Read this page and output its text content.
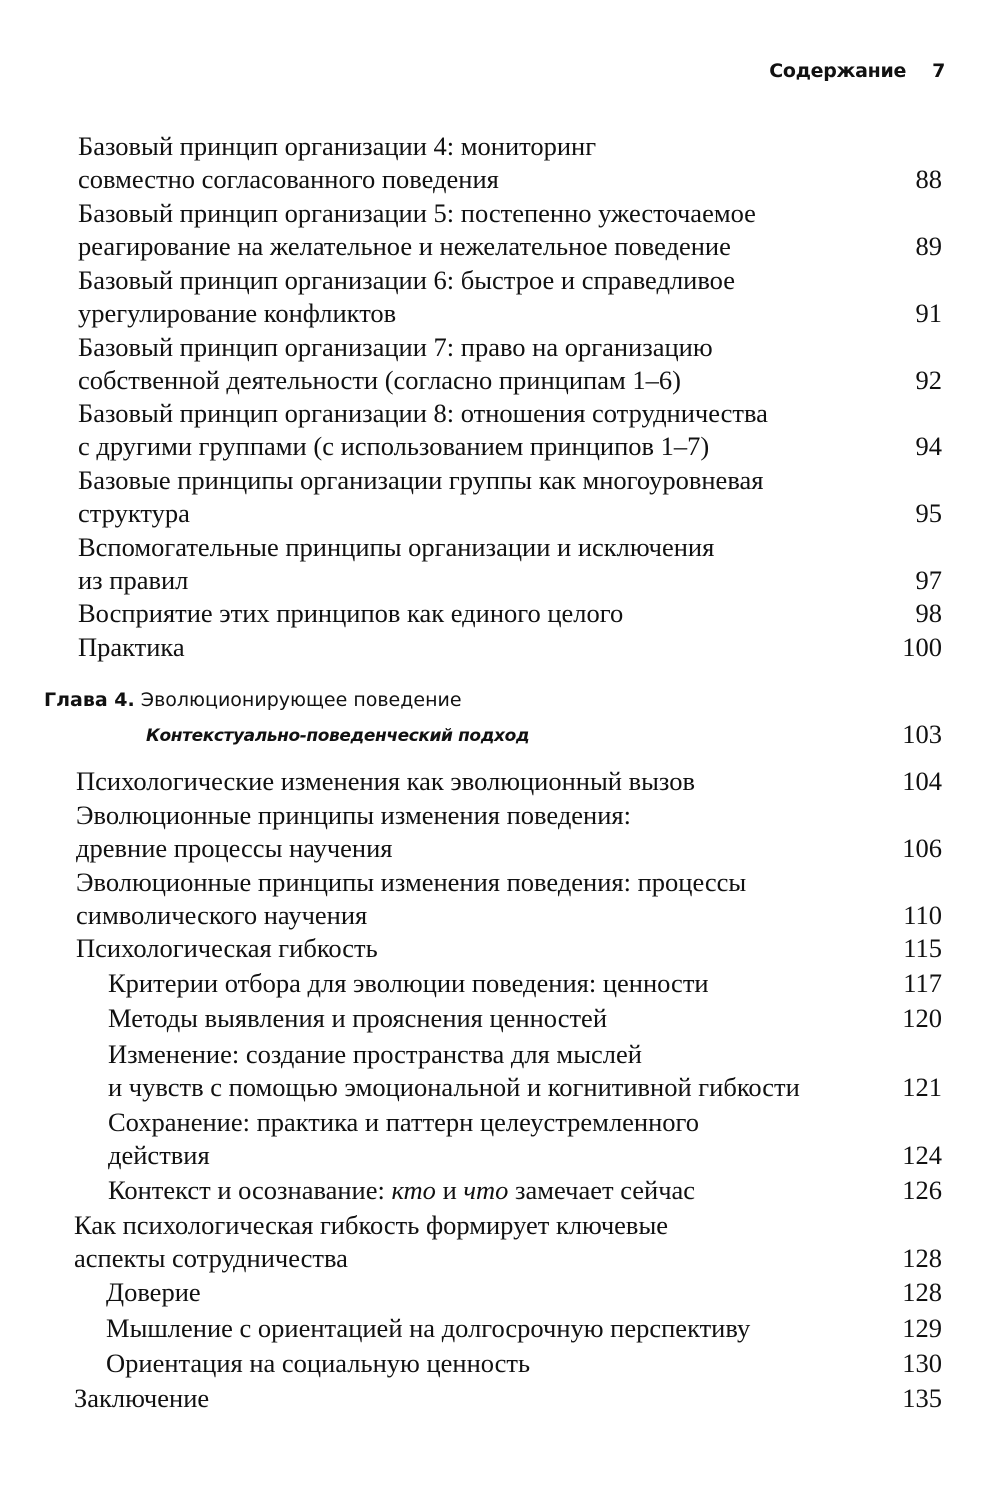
Содержание 7
Базовый принцип организации 4: мониторинг
совместно согласованного поведения	88
Базовый принцип организации 5: постепенно ужесточаемое
реагирование на желательное и нежелательное поведение	89
Базовый принцип организации 6: быстрое и справедливое
урегулирование конфликтов	91
Базовый принцип организации 7: право на организацию
собственной деятельности (согласно принципам 1–6)	92
Базовый принцип организации 8: отношения сотрудничества
с другими группами (с использованием принципов 1–7)	94
Базовые принципы организации группы как многоуровневая
структура	95
Вспомогательные принципы организации и исключения
из правил	97
Восприятие этих принципов как единого целого	98
Практика	100
Глава 4. Эволюционирующее поведение
Контекстуально-поведенческий подход	103
Психологические изменения как эволюционный вызов	104
Эволюционные принципы изменения поведения:
древние процессы научения	106
Эволюционные принципы изменения поведения: процессы
символического научения	110
Психологическая гибкость	115
Критерии отбора для эволюции поведения: ценности	117
Методы выявления и прояснения ценностей	120
Изменение: создание пространства для мыслей
и чувств с помощью эмоциональной и когнитивной гибкости	121
Сохранение: практика и паттерн целеустремленного
действия	124
Контекст и осознавание: кто и что замечает сейчас	126
Как психологическая гибкость формирует ключевые
аспекты сотрудничества	128
Доверие	128
Мышление с ориентацией на долгосрочную перспективу	129
Ориентация на социальную ценность	130
Заключение	135
